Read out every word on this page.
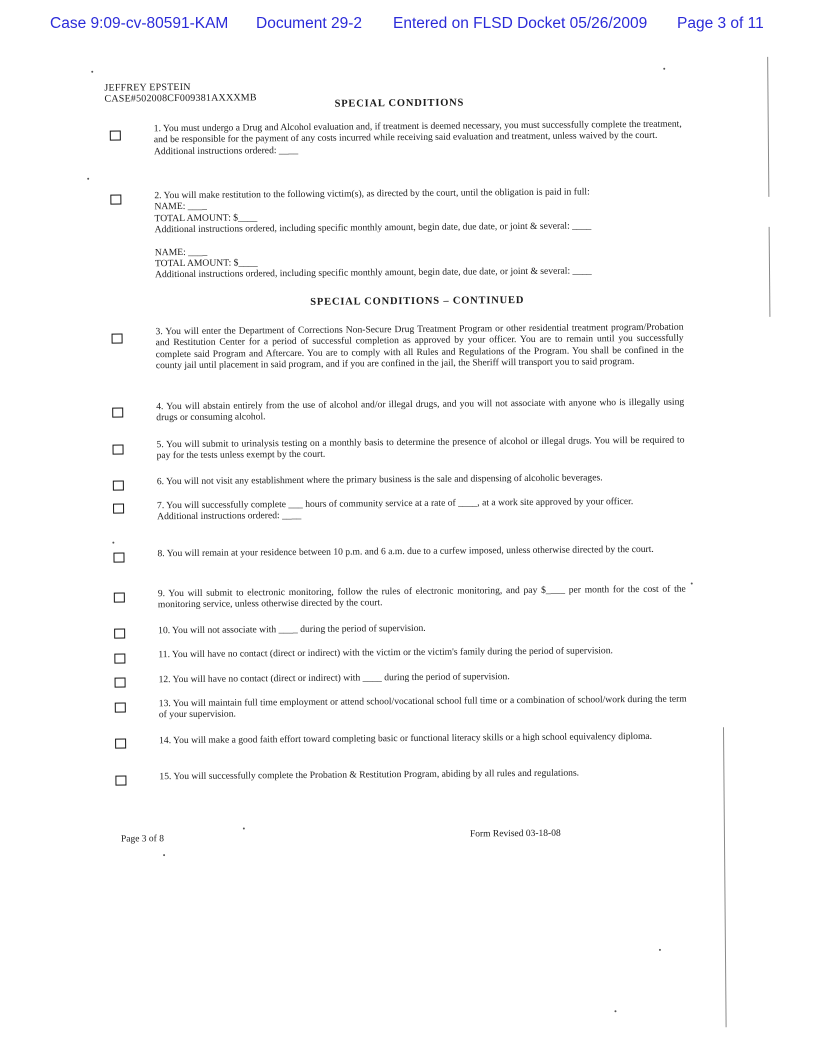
Case 9:09-cv-80591-KAM Document 29-2 Entered on FLSD Docket 05/26/2009 Page 3 of 11
JEFFREY EPSTEIN
CASE#502008CF009381AXXXMB	SPECIAL CONDITIONS

1. You must undergo a Drug and Alcohol evaluation and, if treatment is deemed necessary, you must successfully complete the treatment, and be responsible for the payment of any costs incurred while receiving said evaluation and treatment, unless waived by the court.

Additional instructions ordered: ____

2. You will make restitution to the following victim(s), as directed by the court, until the obligation is paid in full:

NAME: ____

TOTAL AMOUNT: $____

Additional instructions ordered, including specific monthly amount, begin date, due date, or joint & several: ____

NAME: ____

TOTAL AMOUNT: $____

Additional instructions ordered, including specific monthly amount, begin date, due date, or joint & several: ____

SPECIAL CONDITIONS – CONTINUED

3. You will enter the Department of Corrections Non-Secure Drug Treatment Program or other residential treatment program/Probation and Restitution Center for a period of successful completion as approved by your officer. You are to remain until you successfully complete said Program and Aftercare. You are to comply with all Rules and Regulations of the Program. You shall be confined in the county jail until placement in said program, and if you are confined in the jail, the Sheriff will transport you to said program.

4. You will abstain entirely from the use of alcohol and/or illegal drugs, and you will not associate with anyone who is illegally using drugs or consuming alcohol.

5. You will submit to urinalysis testing on a monthly basis to determine the presence of alcohol or illegal drugs. You will be required to pay for the tests unless exempt by the court.

6. You will not visit any establishment where the primary business is the sale and dispensing of alcoholic beverages.

7. You will successfully complete ___ hours of community service at a rate of ____, at a work site approved by your officer.

Additional instructions ordered: ____

8. You will remain at your residence between 10 p.m. and 6 a.m. due to a curfew imposed, unless otherwise directed by the court.

9. You will submit to electronic monitoring, follow the rules of electronic monitoring, and pay $____ per month for the cost of the monitoring service, unless otherwise directed by the court.

10. You will not associate with ____ during the period of supervision.

11. You will have no contact (direct or indirect) with the victim or the victim's family during the period of supervision.

12. You will have no contact (direct or indirect) with ____ during the period of supervision.

13. You will maintain full time employment or attend school/vocational school full time or a combination of school/work during the term of your supervision.

14. You will make a good faith effort toward completing basic or functional literacy skills or a high school equivalency diploma.

15. You will successfully complete the Probation & Restitution Program, abiding by all rules and regulations.

Page 3 of 8	Form Revised 03-18-08
